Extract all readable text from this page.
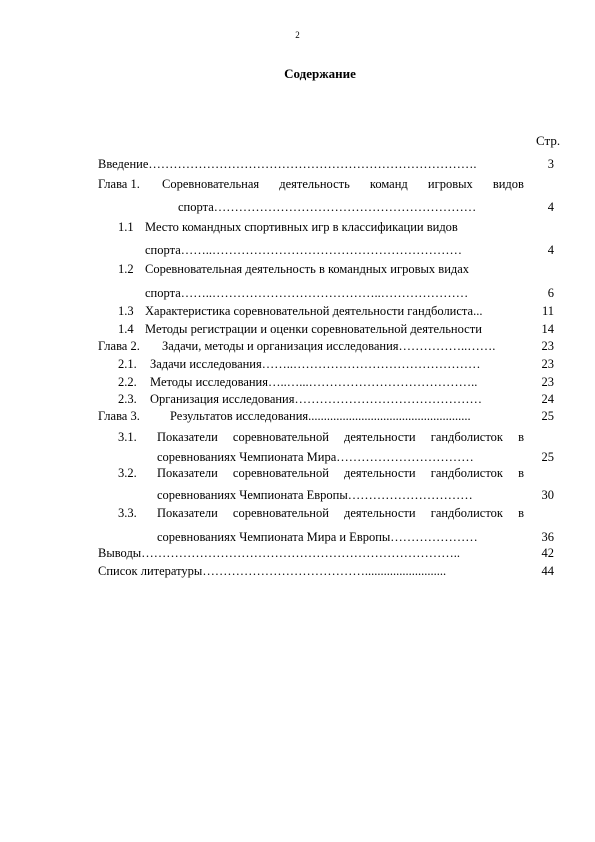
2
Содержание
Стр.
Введение…………………………………………………………………….	3
Глава 1. Соревновательная деятельность команд игровых видов
спорта………………………………………………………	4
1.1 Место командных спортивных игр в классификации видов
спорта……..……………………………………………………	4
1.2 Соревновательная деятельность в командных игровых видах
спорта……..…………………………………..…………………	6
1.3 Характеристика соревновательной деятельности гандболиста...	11
1.4 Методы регистрации и оценки соревновательной деятельности	14
Глава 2. Задачи, методы и организация исследования……………..…….	23
2.1. Задачи исследования……..………………………………………	23
2.2. Методы исследования…..…...…………………………………..	23
2.3. Организация исследования………………………………………	24
Глава 3. Результатов исследования....................................................	25
3.1. Показатели соревновательной деятельности гандболисток в
соревнованиях Чемпионата Мира……………………………	25
3.2. Показатели соревновательной деятельности гандболисток в
соревнованиях Чемпионата Европы…………………………	30
3.3. Показатели соревновательной деятельности гандболисток в
соревнованиях Чемпионата Мира и Европы…………………	36
Выводы…………………………………………………………………..	42
Список литературы…………………………………..........................	44
